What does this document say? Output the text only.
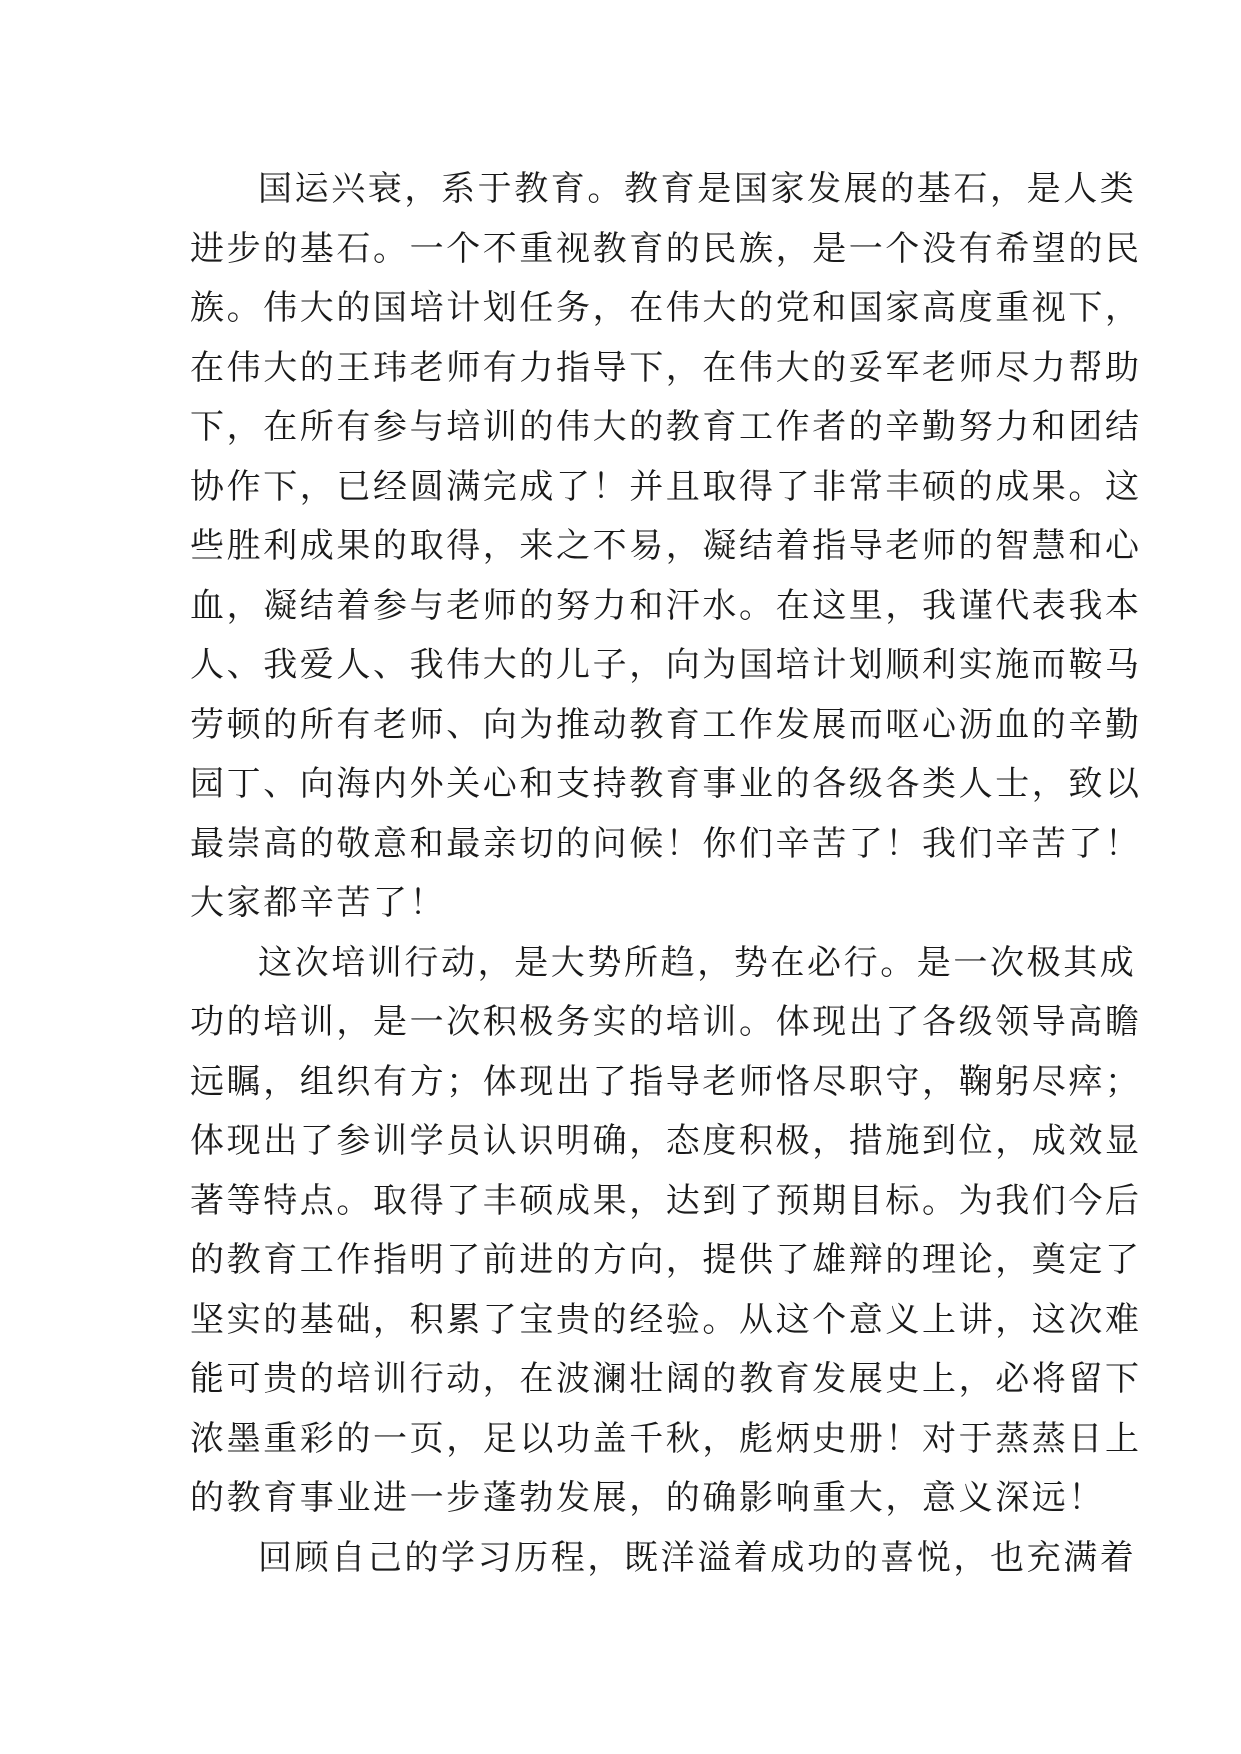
国运兴衰，系于教育。教育是国家发展的基石，是人类
进步的基石。一个不重视教育的民族，是一个没有希望的民
族。伟大的国培计划任务，在伟大的党和国家高度重视下，
在伟大的王玮老师有力指导下，在伟大的妥军老师尽力帮助
下，在所有参与培训的伟大的教育工作者的辛勤努力和团结
协作下，已经圆满完成了！并且取得了非常丰硕的成果。这
些胜利成果的取得，来之不易，凝结着指导老师的智慧和心
血，凝结着参与老师的努力和汗水。在这里，我谨代表我本
人、我爱人、我伟大的儿子，向为国培计划顺利实施而鞍马
劳顿的所有老师、向为推动教育工作发展而呕心沥血的辛勤
园丁、向海内外关心和支持教育事业的各级各类人士，致以
最崇高的敬意和最亲切的问候！你们辛苦了！我们辛苦了！
大家都辛苦了！
这次培训行动，是大势所趋，势在必行。是一次极其成
功的培训，是一次积极务实的培训。体现出了各级领导高瞻
远瞩，组织有方；体现出了指导老师恪尽职守，鞠躬尽瘁；
体现出了参训学员认识明确，态度积极，措施到位，成效显
著等特点。取得了丰硕成果，达到了预期目标。为我们今后
的教育工作指明了前进的方向，提供了雄辩的理论，奠定了
坚实的基础，积累了宝贵的经验。从这个意义上讲，这次难
能可贵的培训行动，在波澜壮阔的教育发展史上，必将留下
浓墨重彩的一页，足以功盖千秋，彪炳史册！对于蒸蒸日上
的教育事业进一步蓬勃发展，的确影响重大，意义深远！
回顾自己的学习历程，既洋溢着成功的喜悦，也充满着
